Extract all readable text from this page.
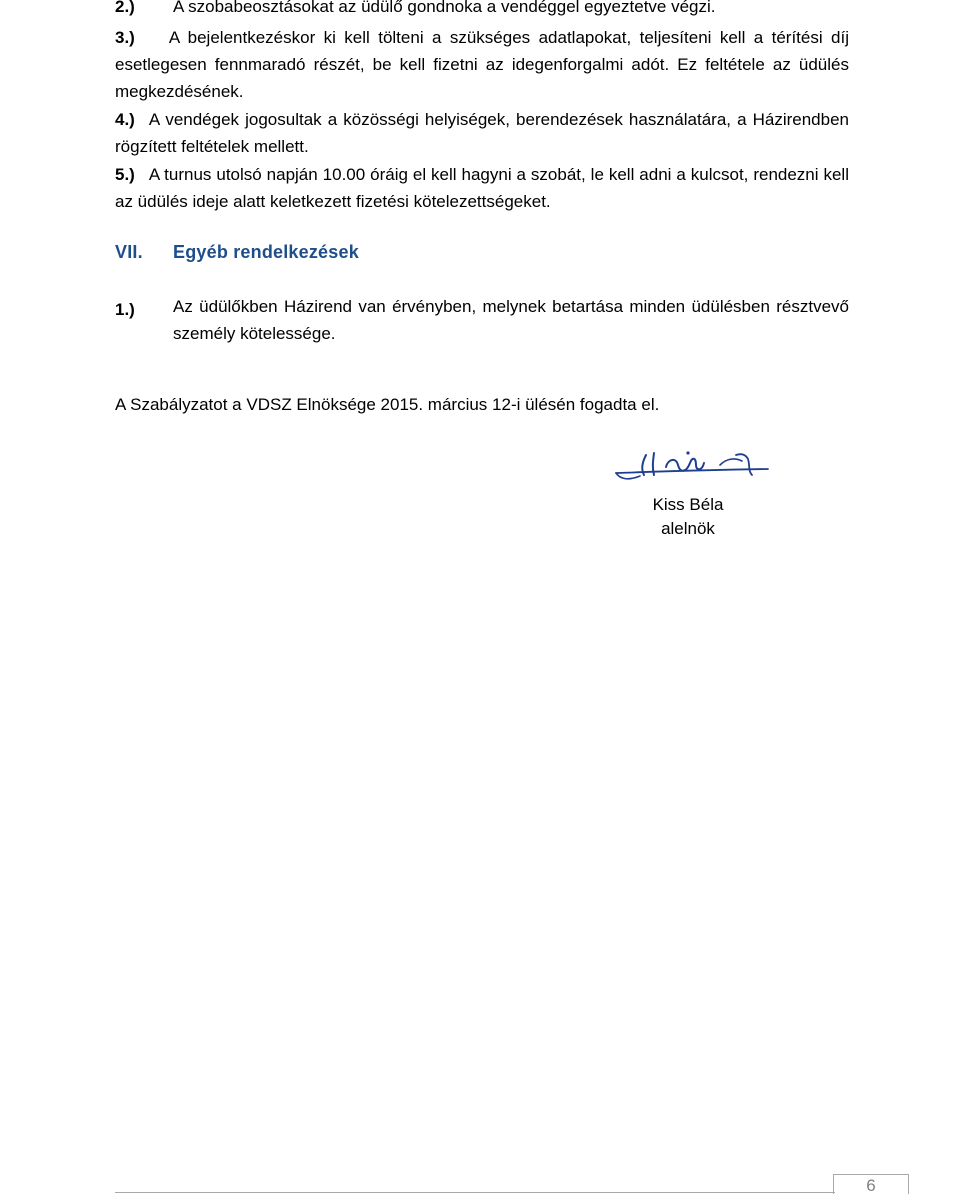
2.) A szobabeosztásokat az üdülő gondnoka a vendéggel egyeztetve végzi.
3.) A bejelentkezéskor ki kell tölteni a szükséges adatlapokat, teljesíteni kell a térítési díj esetlegesen fennmaradó részét, be kell fizetni az idegenforgalmi adót. Ez feltétele az üdülés megkezdésének.
4.) A vendégek jogosultak a közösségi helyiségek, berendezések használatára, a Házirendben rögzített feltételek mellett.
5.) A turnus utolsó napján 10.00 óráig el kell hagyni a szobát, le kell adni a kulcsot, rendezni kell az üdülés ideje alatt keletkezett fizetési kötelezettségeket.
VII. Egyéb rendelkezések
1.) Az üdülőkben Házirend van érvényben, melynek betartása minden üdülésben résztvevő személy kötelessége.
A Szabályzatot a VDSZ Elnöksége 2015. március 12-i ülésén fogadta el.
Kiss Béla
alelnök
6
